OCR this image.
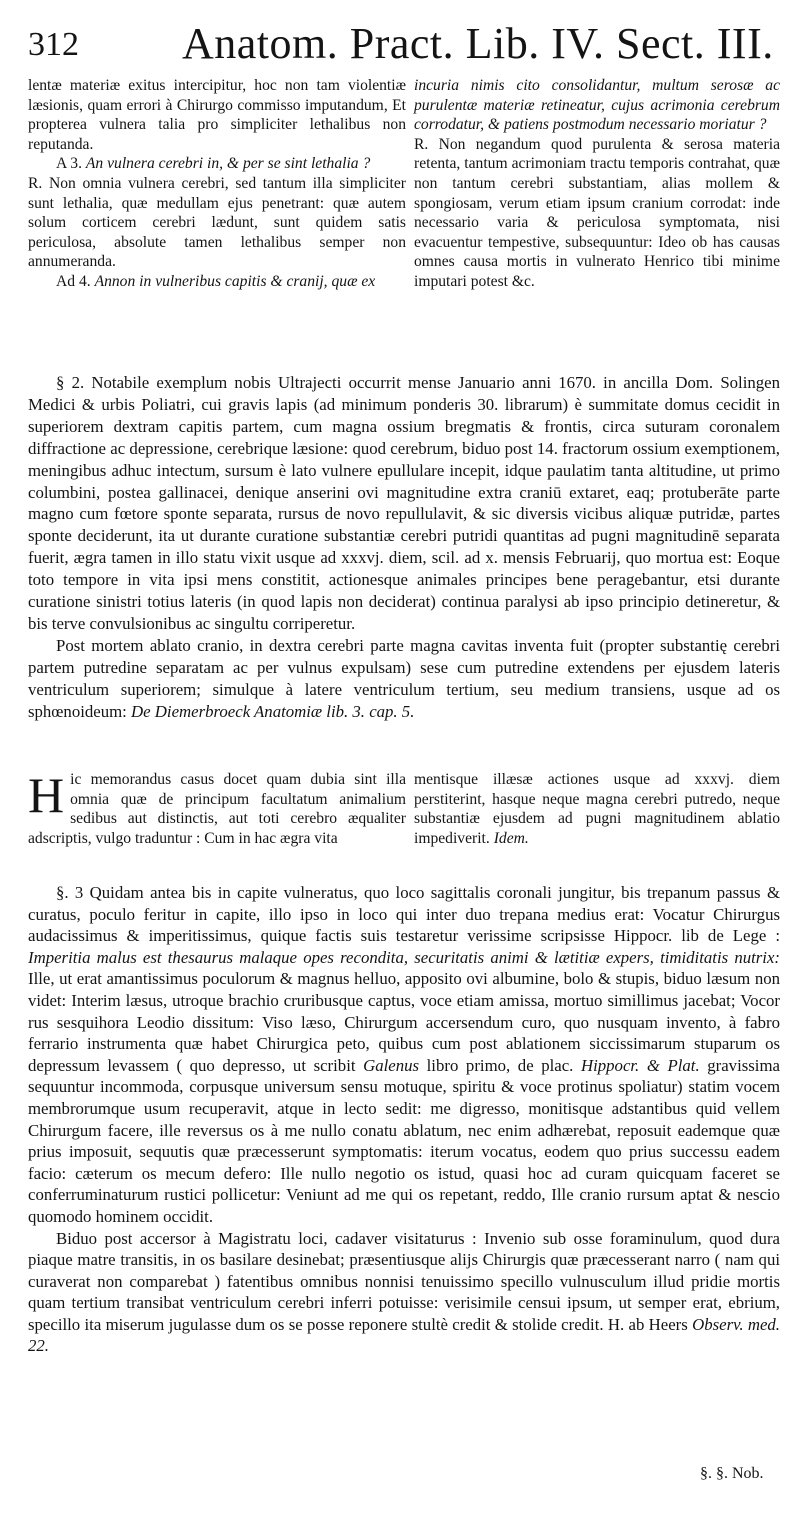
312 Anatom. Pract. Lib. IV. Sect. III.

lentæ materiæ exitus intercipitur, hoc non tam violentiæ læsionis, quam errori à Chirurgo commisso imputandum, Et propterea vulnera talia pro simpliciter lethalibus non reputanda.

A 3. An vulnera cerebri in, & per se sint lethalia ?

R. Non omnia vulnera cerebri, sed tantum illa simpliciter sunt lethalia, quæ medullam ejus penetrant: quæ autem solum corticem cerebri lædunt, sunt quidem satis periculosa, absolute tamen lethalibus semper non annumeranda.

Ad 4. Annon in vulneribus capitis & cranij, quæ ex

incuria nimis cito consolidantur, multum serosæ ac purulentæ materiæ retineatur, cujus acrimonia cerebrum corrodatur, & patiens postmodum necessario moriatur ?

R. Non negandum quod purulenta & serosa materia retenta, tantum acrimoniam tractu temporis contrahat, quæ non tantum cerebri substantiam, alias mollem & spongiosam, verum etiam ipsum cranium corrodat: inde necessario varia & periculosa symptomata, nisi evacuentur tempestive, subsequuntur: Ideo ob has causas omnes causa mortis in vulnerato Henrico tibi minime imputari potest &c.

§ 2. Notabile exemplum nobis Ultrajecti occurrit mense Januario anni 1670. in ancilla Dom. Solingen Medici & urbis Poliatri, cui gravis lapis (ad minimum ponderis 30. librarum) è summitate domus cecidit in superiorem dextram capitis partem, cum magna ossium bregmatis & frontis, circa suturam coronalem diffractione ac depressione, cerebrique læsione: quod cerebrum, biduo post 14. fractorum ossium exemptionem, meningibus adhuc intectum, sursum è lato vulnere epullulare incepit, idque paulatim tanta altitudine, ut primo columbini, postea gallinacei, denique anserini ovi magnitudine extra craniū extaret, eaq; protuberāte parte magno cum fœtore sponte separata, rursus de novo repullulavit, & sic diversis vicibus aliquæ putridæ, partes sponte deciderunt, ita ut durante curatione substantiæ cerebri putridi quantitas ad pugni magnitudinē separata fuerit, ægra tamen in illo statu vixit usque ad xxxvj. diem, scil. ad x. mensis Februarij, quo mortua est: Eoque toto tempore in vita ipsi mens constitit, actionesque animales principes bene peragebantur, etsi durante curatione sinistri totius lateris (in quod lapis non deciderat) continua paralysi ab ipso principio detineretur, & bis terve convulsionibus ac singultu corriperetur.

Post mortem ablato cranio, in dextra cerebri parte magna cavitas inventa fuit (propter substantię cerebri partem putredine separatam ac per vulnus expulsam) sese cum putredine extendens per ejusdem lateris ventriculum superiorem; simulque à latere ventriculum tertium, seu medium transiens, usque ad os sphœnoideum: De Diemerbroeck Anatomiæ lib. 3. cap. 5.

H ic memorandus casus docet quam dubia sint illa omnia quæ de principum facultatum animalium sedibus aut distinctis, aut toti cerebro æqualiter adscriptis, vulgo traduntur : Cum in hac ægra vita

mentisque illæsæ actiones usque ad xxxvj. diem perstiterint, hasque neque magna cerebri putredo, neque substantiæ ejusdem ad pugni magnitudinem ablatio impediverit. Idem.

§. 3 Quidam antea bis in capite vulneratus, quo loco sagittalis coronali jungitur, bis trepanum passus & curatus, poculo feritur in capite, illo ipso in loco qui inter duo trepana medius erat: Vocatur Chirurgus audacissimus & imperitissimus, quique factis suis testaretur verissime scripsisse Hippocr. lib de Lege : Imperitia malus est thesaurus malaque opes recondita, securitatis animi & lætitiæ expers, timiditatis nutrix: Ille, ut erat amantissimus poculorum & magnus helluo, apposito ovi albumine, bolo & stupis, biduo læsum non videt: Interim læsus, utroque brachio cruribusque captus, voce etiam amissa, mortuo simillimus jacebat; Vocor rus sesquihora Leodio dissitum: Viso læso, Chirurgum accersendum curo, quo nusquam invento, à fabro ferrario instrumenta quæ habet Chirurgica peto, quibus cum post ablationem siccissimarum stuparum os depressum levassem ( quo depresso, ut scribit Galenus libro primo, de plac. Hippocr. & Plat. gravissima sequuntur incommoda, corpusque universum sensu motuque, spiritu & voce protinus spoliatur) statim vocem membrorumque usum recuperavit, atque in lecto sedit: me digresso, monitisque adstantibus quid vellem Chirurgum facere, ille reversus os à me nullo conatu ablatum, nec enim adhærebat, reposuit eademque quæ prius imposuit, sequutis quæ præcesserunt symptomatis: iterum vocatus, eodem quo prius successu eadem facio: cæterum os mecum defero: Ille nullo negotio os istud, quasi hoc ad curam quicquam faceret se conferruminaturum rustici pollicetur: Veniunt ad me qui os repetant, reddo, Ille cranio rursum aptat & nescio quomodo hominem occidit.

Biduo post accersor à Magistratu loci, cadaver visitaturus : Invenio sub osse foraminulum, quod dura piaque matre transitis, in os basilare desinebat; præsentiusque alijs Chirurgis quæ præcesserant narro ( nam qui curaverat non comparebat ) fatentibus omnibus nonnisi tenuissimo specillo vulnusculum illud pridie mortis quam tertium transibat ventriculum cerebri inferri potuisse: verisimile censui ipsum, ut semper erat, ebrium, specillo ita miserum jugulasse dum os se posse reponere stultè credit & stolide credit. H. ab Heers Observ. med. 22.

§. §. Nob.
